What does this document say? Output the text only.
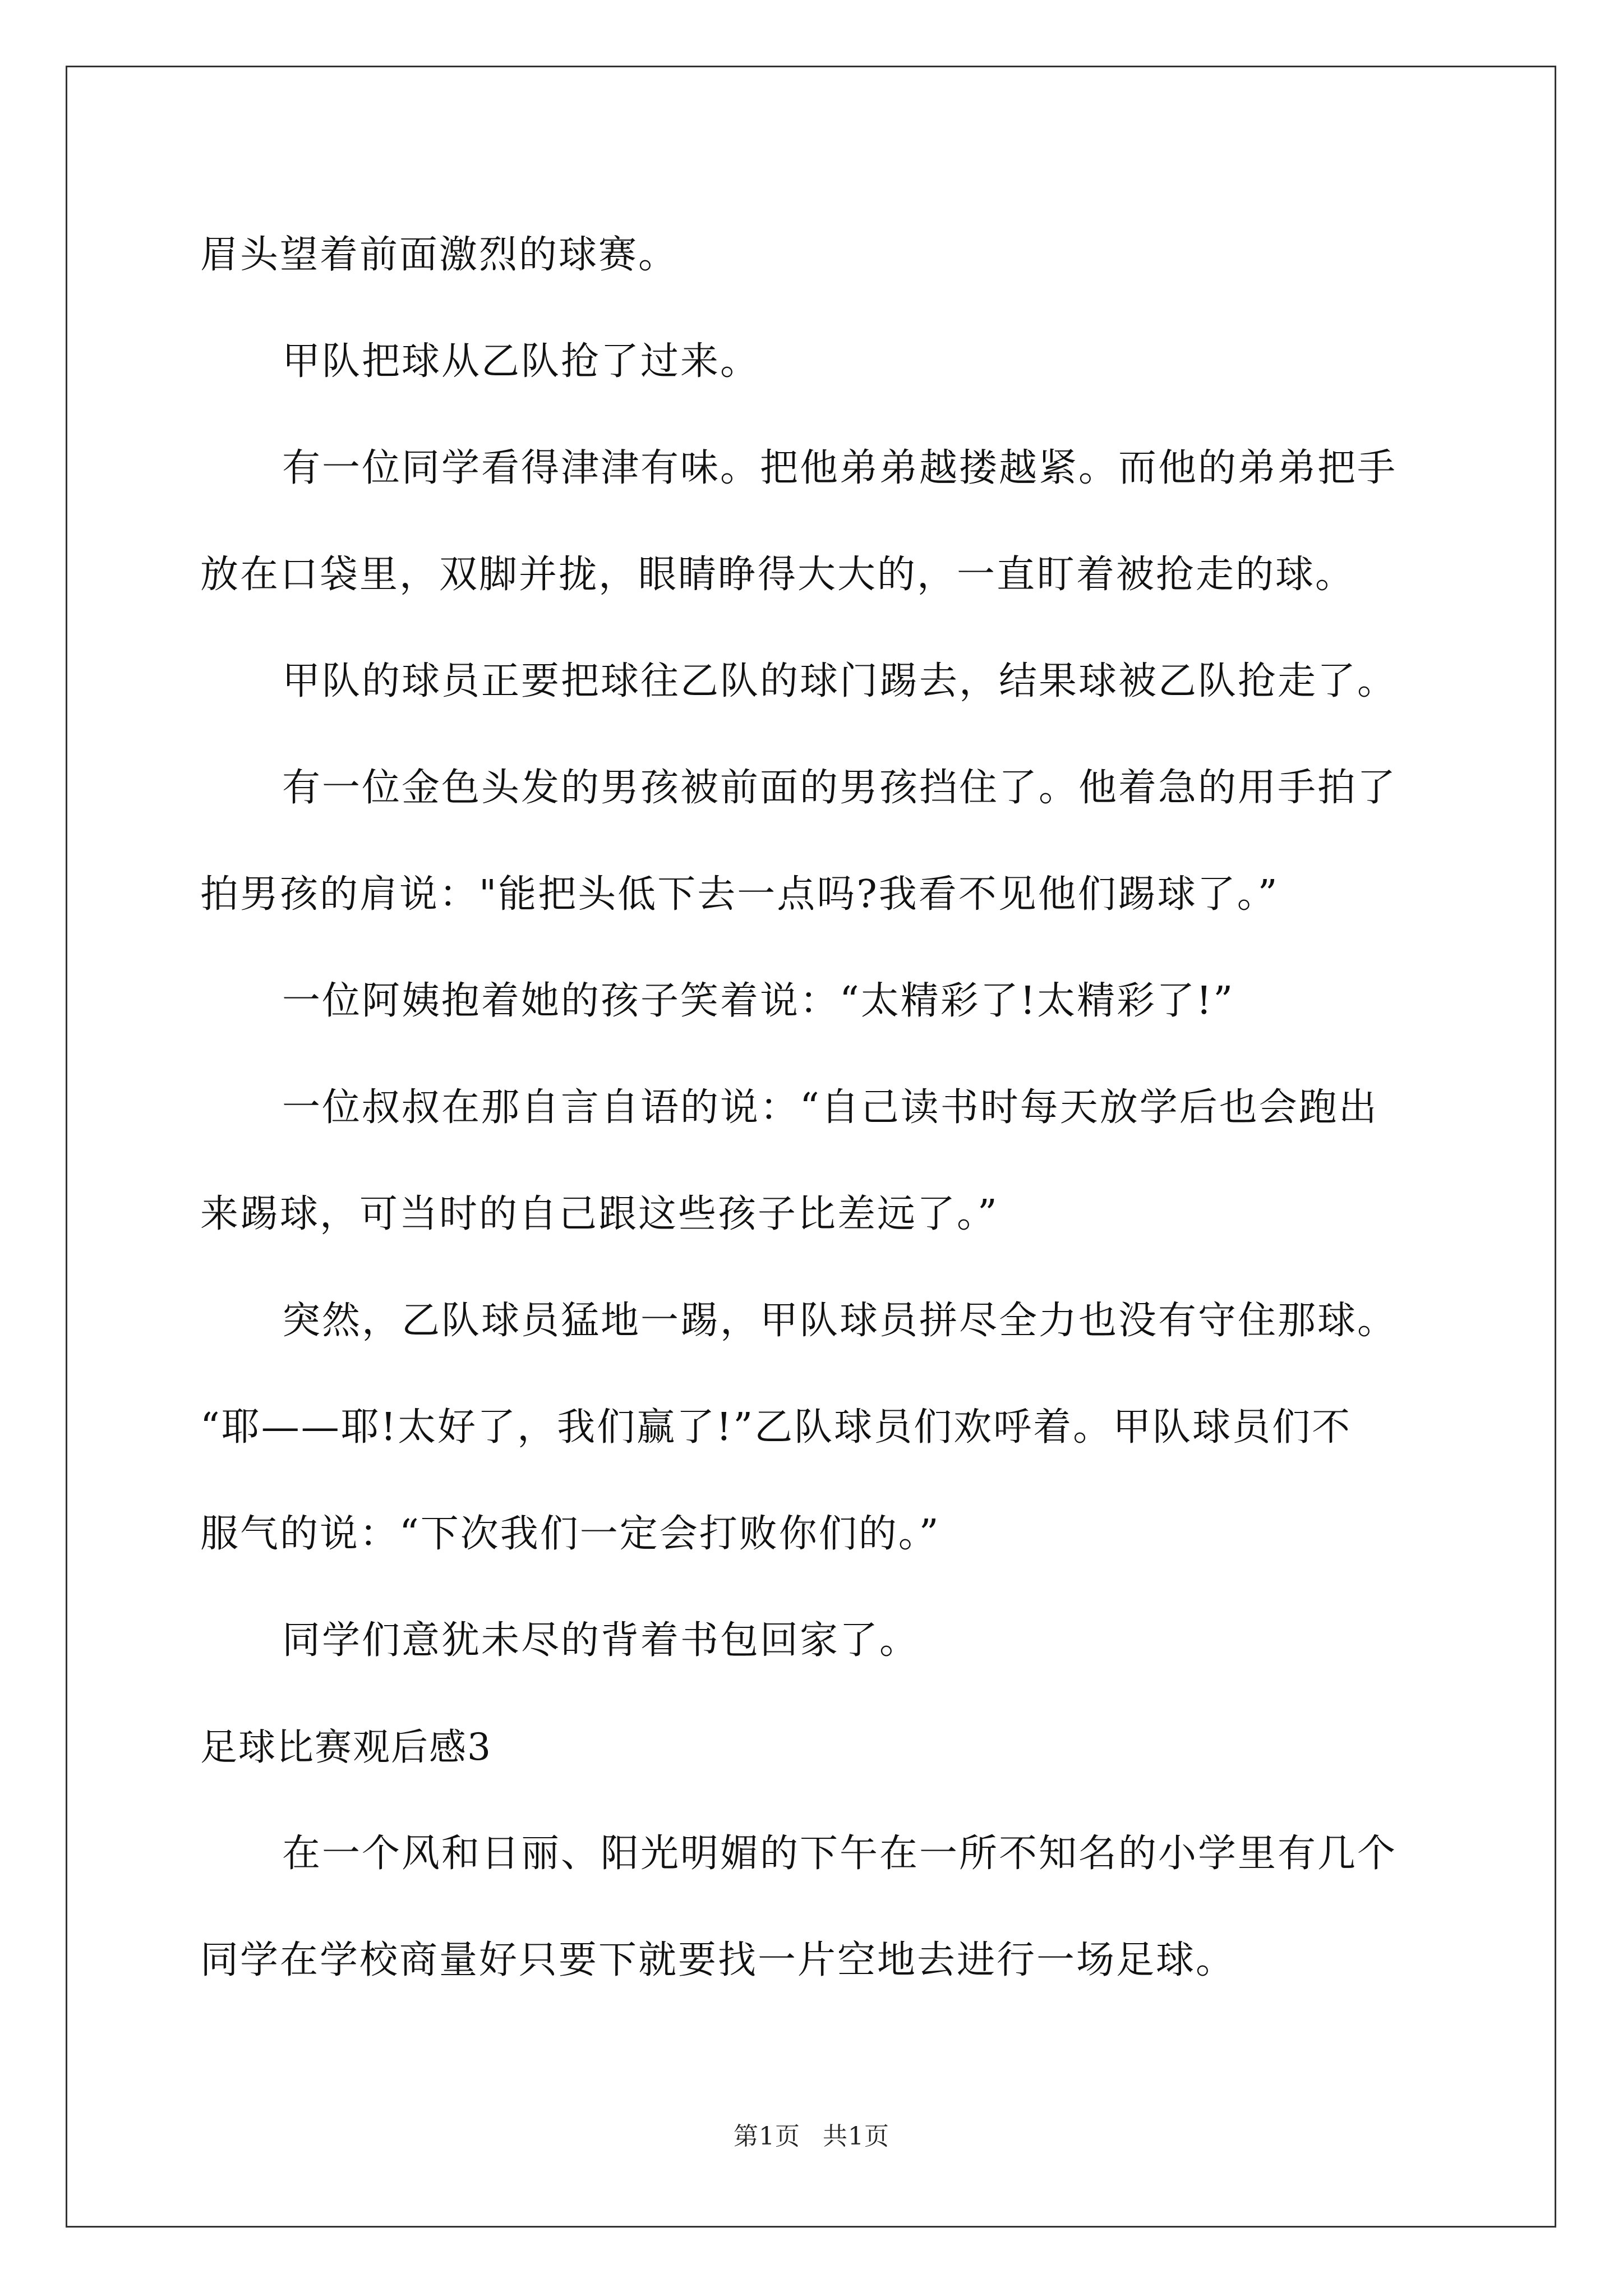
眉头望着前面激烈的球赛。

甲队把球从乙队抢了过来。

有一位同学看得津津有味。把他弟弟越搂越紧。而他的弟弟把手

放在口袋里，双脚并拢，眼睛睁得大大的，一直盯着被抢走的球。

甲队的球员正要把球往乙队的球门踢去，结果球被乙队抢走了。

有一位金色头发的男孩被前面的男孩挡住了。他着急的用手拍了

拍男孩的肩说："能把头低下去一点吗?我看不见他们踢球了。”

一位阿姨抱着她的孩子笑着说：“太精彩了!太精彩了!”

一位叔叔在那自言自语的说：“自己读书时每天放学后也会跑出

来踢球，可当时的自己跟这些孩子比差远了。”

突然，乙队球员猛地一踢，甲队球员拼尽全力也没有守住那球。

“耶——耶!太好了，我们赢了!”乙队球员们欢呼着。甲队球员们不

服气的说：“下次我们一定会打败你们的。”

同学们意犹未尽的背着书包回家了。

足球比赛观后感3

在一个风和日丽、阳光明媚的下午在一所不知名的小学里有几个

同学在学校商量好只要下就要找一片空地去进行一场足球。

第1页 共1页
